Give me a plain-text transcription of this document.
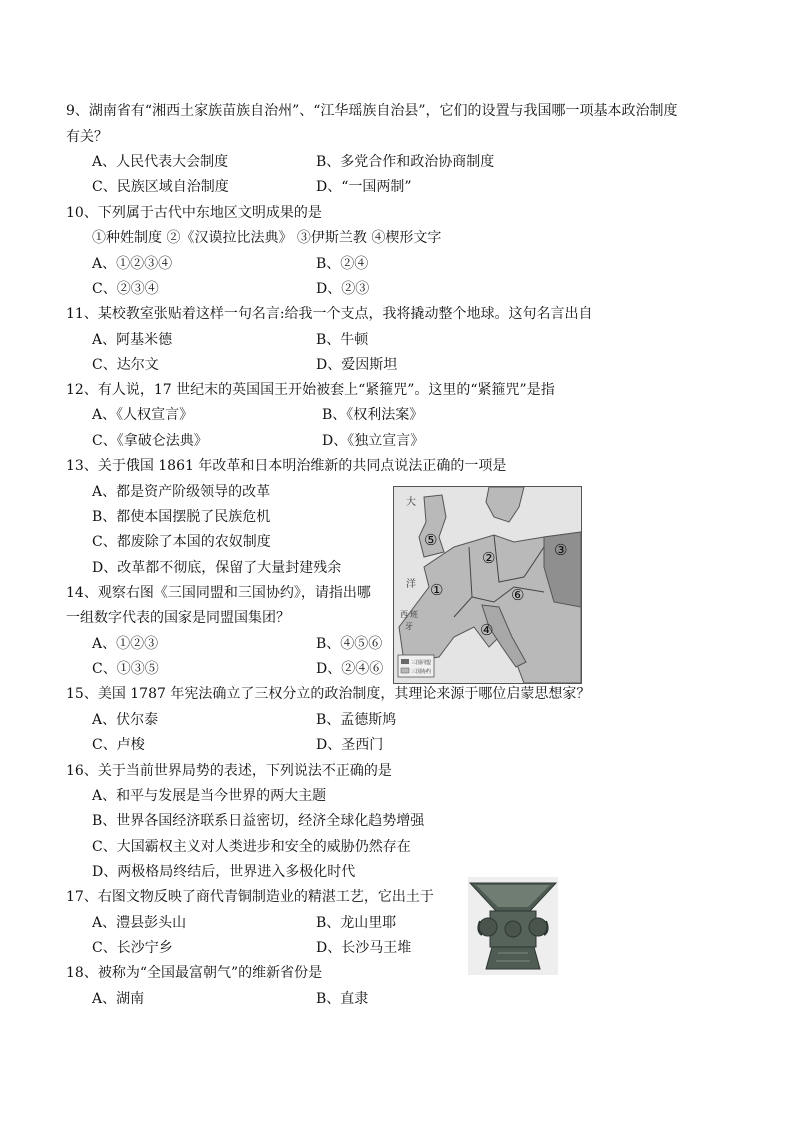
9、湖南省有“湘西土家族苗族自治州”、“江华瑶族自治县”，它们的设置与我国哪一项基本政治制度
有关？
A、人民代表大会制度	B、多党合作和政治协商制度
C、民族区域自治制度	D、“一国两制”
10、下列属于古代中东地区文明成果的是
①种姓制度 ②《汉谟拉比法典》 ③伊斯兰教 ④楔形文字
A、①②③④	B、②④
C、②③④	D、②③
11、某校教室张贴着这样一句名言:给我一个支点，我将撬动整个地球。这句名言出自
A、阿基米德	B、牛顿
C、达尔文	D、爱因斯坦
12、有人说，17 世纪末的英国国王开始被套上“紧箍咒”。这里的“紧箍咒”是指
A、《人权宣言》	B、《权利法案》
C、《拿破仑法典》	D、《独立宣言》
13、关于俄国 1861 年改革和日本明治维新的共同点说法正确的一项是
A、都是资产阶级领导的改革
B、都使本国摆脱了民族危机
C、都废除了本国的农奴制度
D、改革都不彻底，保留了大量封建残余
14、观察右图《三国同盟和三国协约》，请指出哪
一组数字代表的国家是同盟国集团？
A、①②③	B、④⑤⑥
C、①③⑤	D、②④⑥	三国同盟
三国协约
大
洋
西 班
牙
⑤
②	③
①	⑥
④
15、美国 1787 年宪法确立了三权分立的政治制度，其理论来源于哪位启蒙思想家？
A、伏尔泰	B、孟德斯鸠
C、卢梭	D、圣西门
16、关于当前世界局势的表述，下列说法不正确的是
A、和平与发展是当今世界的两大主题
B、世界各国经济联系日益密切，经济全球化趋势增强
C、大国霸权主义对人类进步和安全的威胁仍然存在
D、两极格局终结后，世界进入多极化时代
17、右图文物反映了商代青铜制造业的精湛工艺，它出土于
A、澧县彭头山	B、龙山里耶
C、长沙宁乡	D、长沙马王堆
18、被称为“全国最富朝气”的维新省份是
A、湖南	B、直隶
